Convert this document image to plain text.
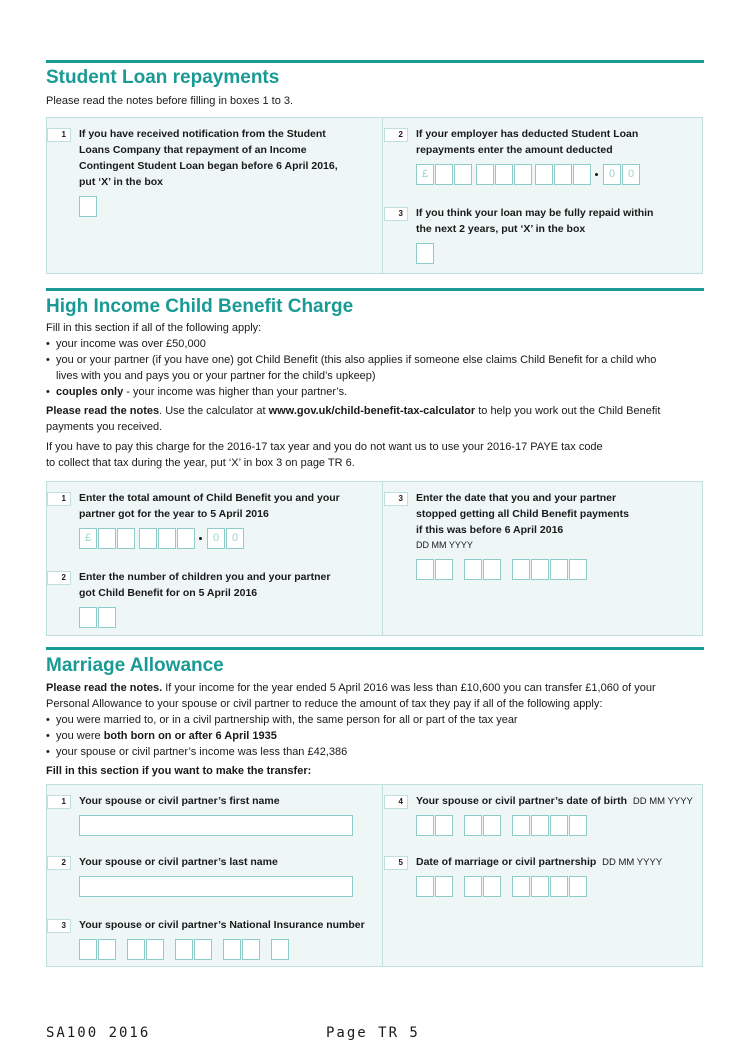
Student Loan repayments
Please read the notes before filling in boxes 1 to 3.
1	If you have received notification from the Student
Loans Company that repayment of an Income
Contingent Student Loan began before 6 April 2016,
put ‘X’ in the box
2	If your employer has deducted Student Loan
repayments enter the amount deducted
£	0	0
3	If you think your loan may be fully repaid within
the next 2 years, put ‘X’ in the box
High Income Child Benefit Charge
Fill in this section if all of the following apply:
• your income was over £50,000
• you or your partner (if you have one) got Child Benefit (this also applies if someone else claims Child Benefit for a child who
lives with you and pays you or your partner for the child’s upkeep)
• couples only - your income was higher than your partner’s.
Please read the notes. Use the calculator at www.gov.uk/child-benefit-tax-calculator to help you work out the Child Benefit
payments you received.
If you have to pay this charge for the 2016-17 tax year and you do not want us to use your 2016-17 PAYE tax code
to collect that tax during the year, put ‘X’ in box 3 on page TR 6.
1	Enter the total amount of Child Benefit you and your
partner got for the year to 5 April 2016
£	0	0
2	Enter the number of children you and your partner
got Child Benefit for on 5 April 2016
3	Enter the date that you and your partner
stopped getting all Child Benefit payments
if this was before 6 April 2016
DD MM YYYY
Marriage Allowance
Please read the notes. If your income for the year ended 5 April 2016 was less than £10,600 you can transfer £1,060 of your
Personal Allowance to your spouse or civil partner to reduce the amount of tax they pay if all of the following apply:
• you were married to, or in a civil partnership with, the same person for all or part of the tax year
• you were both born on or after 6 April 1935
• your spouse or civil partner’s income was less than £42,386
Fill in this section if you want to make the transfer:
1	Your spouse or civil partner’s first name
2	Your spouse or civil partner’s last name
3	Your spouse or civil partner’s National Insurance number
4	Your spouse or civil partner’s date of birth DD MM YYYY
5	Date of marriage or civil partnership DD MM YYYY
SA100 2016	Page TR 5
